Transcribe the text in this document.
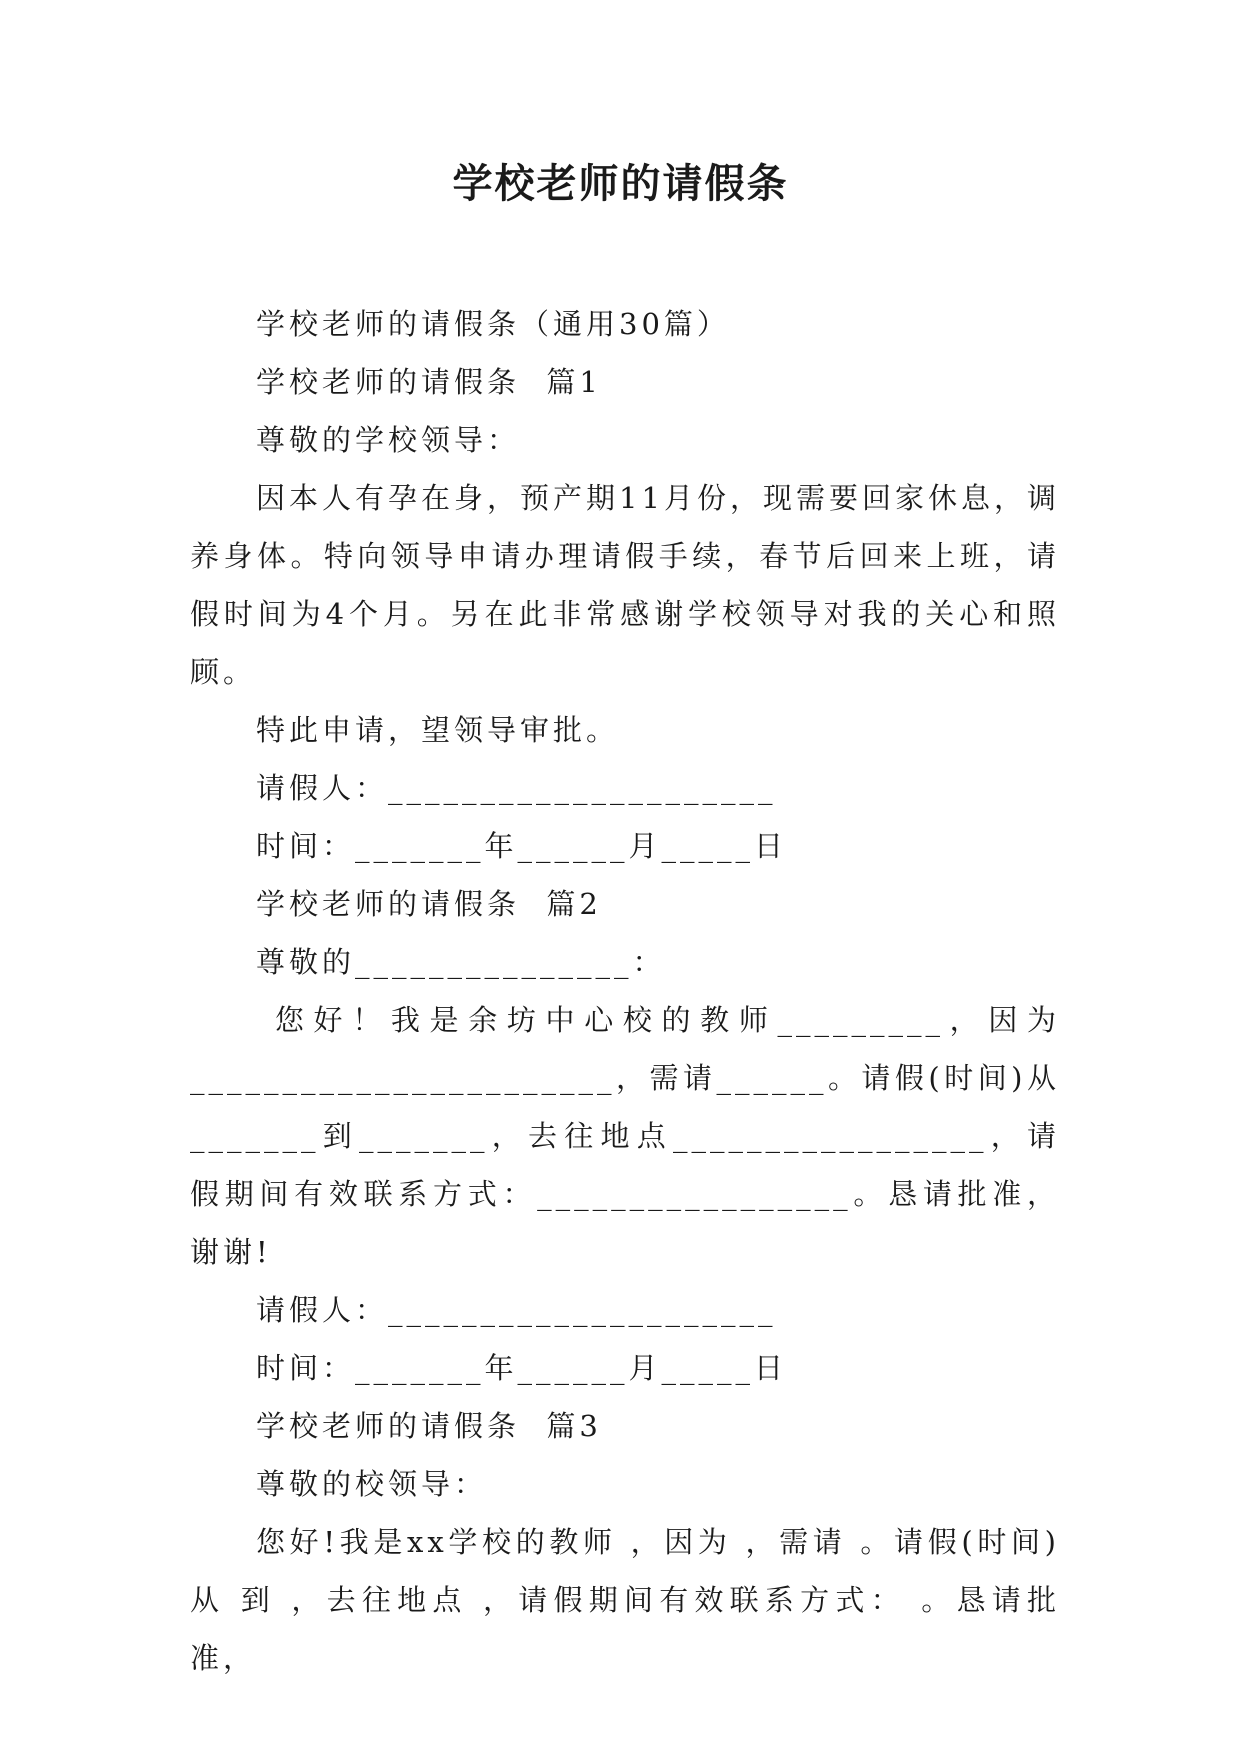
学校老师的请假条

学校老师的请假条（通用30篇）

学校老师的请假条  篇1

尊敬的学校领导：

因本人有孕在身，预产期11月份，现需要回家休息，调养身体。特向领导申请办理请假手续，春节后回来上班，请假时间为4个月。另在此非常感谢学校领导对我的关心和照顾。

特此申请，望领导审批。

请假人：_____________________

时间：_______年______月_____日

学校老师的请假条  篇2

尊敬的_______________：

您好！我是余坊中心校的教师_________，因为_______________________，需请______。请假(时间)从_______到_______，去往地点_________________，请假期间有效联系方式：_________________。恳请批准，谢谢!

请假人：_____________________

时间：_______年______月_____日

学校老师的请假条  篇3

尊敬的校领导：

您好!我是xx学校的教师 ，因为 ，需请 。请假(时间)从 到 ，去往地点 ，请假期间有效联系方式： 。恳请批准，
